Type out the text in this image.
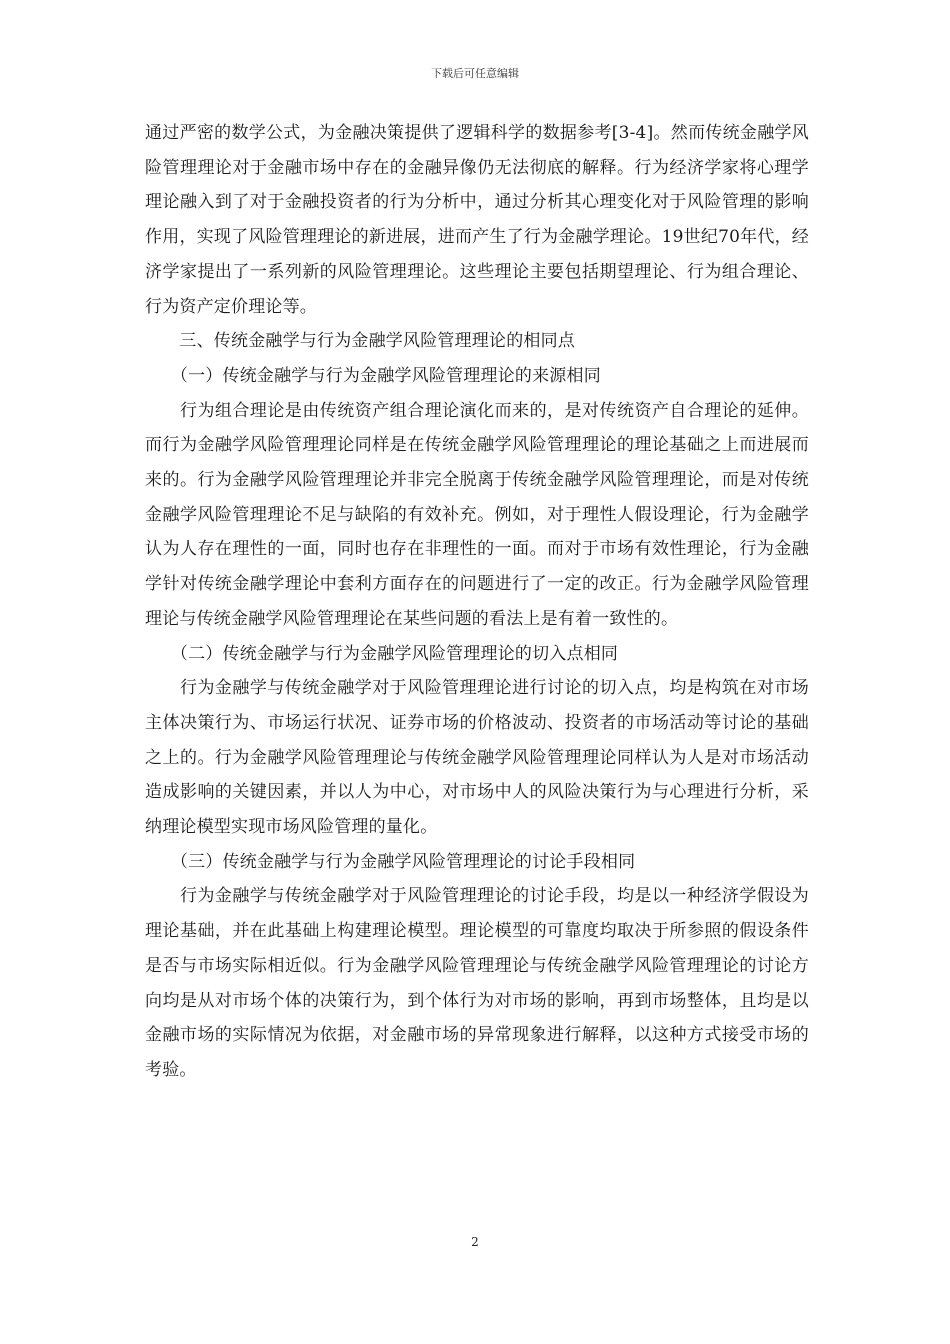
下载后可任意编辑

通过严密的数学公式，为金融决策提供了逻辑科学的数据参考[3-4]。然而传统金融学风险管理理论对于金融市场中存在的金融异像仍无法彻底的解释。行为经济学家将心理学理论融入到了对于金融投资者的行为分析中，通过分析其心理变化对于风险管理的影响作用，实现了风险管理理论的新进展，进而产生了行为金融学理论。19世纪70年代，经济学家提出了一系列新的风险管理理论。这些理论主要包括期望理论、行为组合理论、行为资产定价理论等。

　　三、传统金融学与行为金融学风险管理理论的相同点

　　（一）传统金融学与行为金融学风险管理理论的来源相同

　　行为组合理论是由传统资产组合理论演化而来的，是对传统资产自合理论的延伸。而行为金融学风险管理理论同样是在传统金融学风险管理理论的理论基础之上而进展而来的。行为金融学风险管理理论并非完全脱离于传统金融学风险管理理论，而是对传统金融学风险管理理论不足与缺陷的有效补充。例如，对于理性人假设理论，行为金融学认为人存在理性的一面，同时也存在非理性的一面。而对于市场有效性理论，行为金融学针对传统金融学理论中套利方面存在的问题进行了一定的改正。行为金融学风险管理理论与传统金融学风险管理理论在某些问题的看法上是有着一致性的。

　　（二）传统金融学与行为金融学风险管理理论的切入点相同

　　行为金融学与传统金融学对于风险管理理论进行讨论的切入点，均是构筑在对市场主体决策行为、市场运行状况、证券市场的价格波动、投资者的市场活动等讨论的基础之上的。行为金融学风险管理理论与传统金融学风险管理理论同样认为人是对市场活动造成影响的关键因素，并以人为中心，对市场中人的风险决策行为与心理进行分析，采纳理论模型实现市场风险管理的量化。

　　（三）传统金融学与行为金融学风险管理理论的讨论手段相同

　　行为金融学与传统金融学对于风险管理理论的讨论手段，均是以一种经济学假设为理论基础，并在此基础上构建理论模型。理论模型的可靠度均取决于所参照的假设条件是否与市场实际相近似。行为金融学风险管理理论与传统金融学风险管理理论的讨论方向均是从对市场个体的决策行为，到个体行为对市场的影响，再到市场整体，且均是以金融市场的实际情况为依据，对金融市场的异常现象进行解释，以这种方式接受市场的考验。

2
